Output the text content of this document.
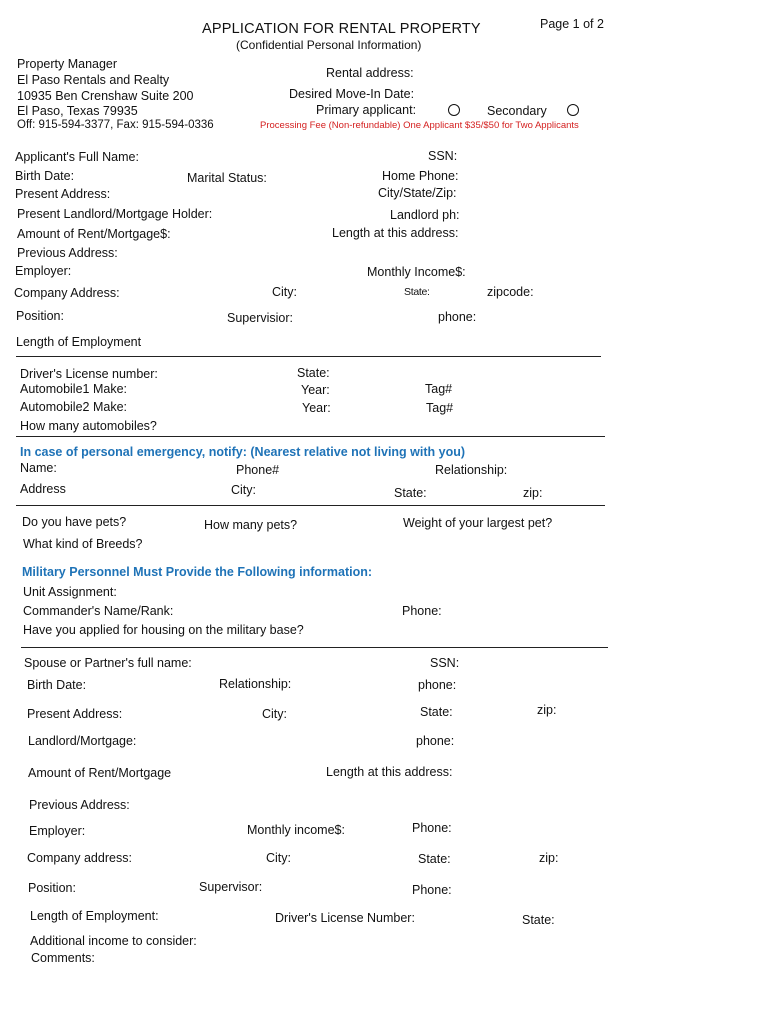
APPLICATION FOR RENTAL PROPERTY
(Confidential Personal Information)
Page 1 of 2
Property Manager
El Paso Rentals and Realty
10935 Ben Crenshaw Suite 200
El Paso, Texas 79935
Off: 915-594-3377, Fax: 915-594-0336
Rental address:
Desired Move-In Date:
Primary applicant:	Secondary
Processing Fee (Non-refundable) One Applicant $35/$50 for Two Applicants
Applicant's Full Name:	SSN:
Birth Date:	Marital Status:	Home Phone:
Present Address:	City/State/Zip:
Present Landlord/Mortgage Holder:	Landlord ph:
Amount of Rent/Mortgage$:	Length at this address:
Previous Address:
Employer:	Monthly Income$:
Company Address:	City:	State:	zipcode:
Position:	Supervisior:	phone:
Length of Employment
Driver's License number:	State:
Automobile1 Make:	Year:	Tag#
Automobile2 Make:	Year:	Tag#
How many automobiles?
In case of personal emergency, notify: (Nearest relative not living with you)
Name:	Phone#	Relationship:
Address	City:	State:	zip:
Do you have pets?	How many pets?	Weight of your largest pet?
What kind of Breeds?
Military Personnel Must Provide the Following information:
Unit Assignment:
Commander's Name/Rank:	Phone:
Have you applied for housing on the military base?
Spouse or Partner's full name:	SSN:
Birth Date:	Relationship:	phone:
Present Address:	City:	State:	zip:
Landlord/Mortgage:	phone:
Amount of Rent/Mortgage	Length at this address:
Previous Address:
Employer:	Monthly income$:	Phone:
Company address:	City:	State:	zip:
Position:	Supervisor:	Phone:
Length of Employment:	Driver's License Number:	State:
Additional income to consider:
Comments:
